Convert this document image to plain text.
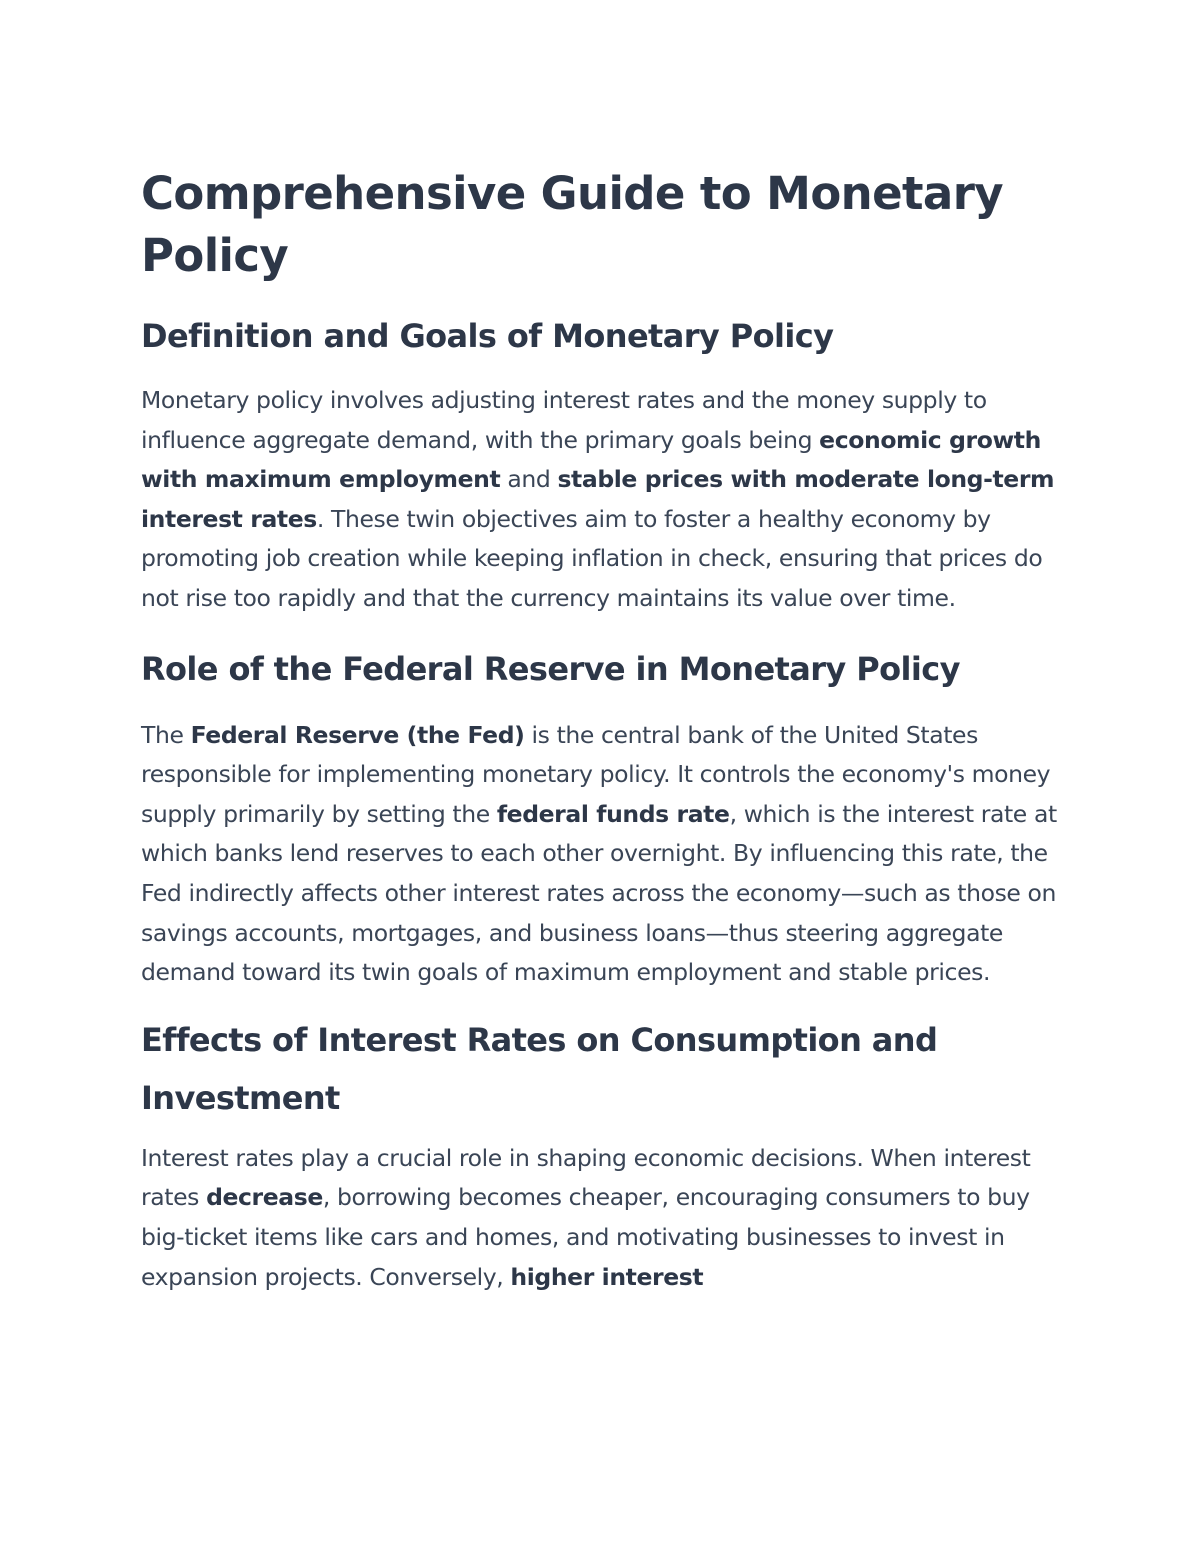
Comprehensive Guide to Monetary Policy
Definition and Goals of Monetary Policy

Monetary policy involves adjusting interest rates and the money supply to influence aggregate demand, with the primary goals being economic growth with maximum employment and stable prices with moderate long-term interest rates. These twin objectives aim to foster a healthy economy by promoting job creation while keeping inflation in check, ensuring that prices do not rise too rapidly and that the currency maintains its value over time.

Role of the Federal Reserve in Monetary Policy

The Federal Reserve (the Fed) is the central bank of the United States responsible for implementing monetary policy. It controls the economy's money supply primarily by setting the federal funds rate, which is the interest rate at which banks lend reserves to each other overnight. By influencing this rate, the Fed indirectly affects other interest rates across the economy—such as those on savings accounts, mortgages, and business loans—thus steering aggregate demand toward its twin goals of maximum employment and stable prices.

Effects of Interest Rates on Consumption and Investment

Interest rates play a crucial role in shaping economic decisions. When interest rates decrease, borrowing becomes cheaper, encouraging consumers to buy big-ticket items like cars and homes, and motivating businesses to invest in expansion projects. Conversely, higher interest
